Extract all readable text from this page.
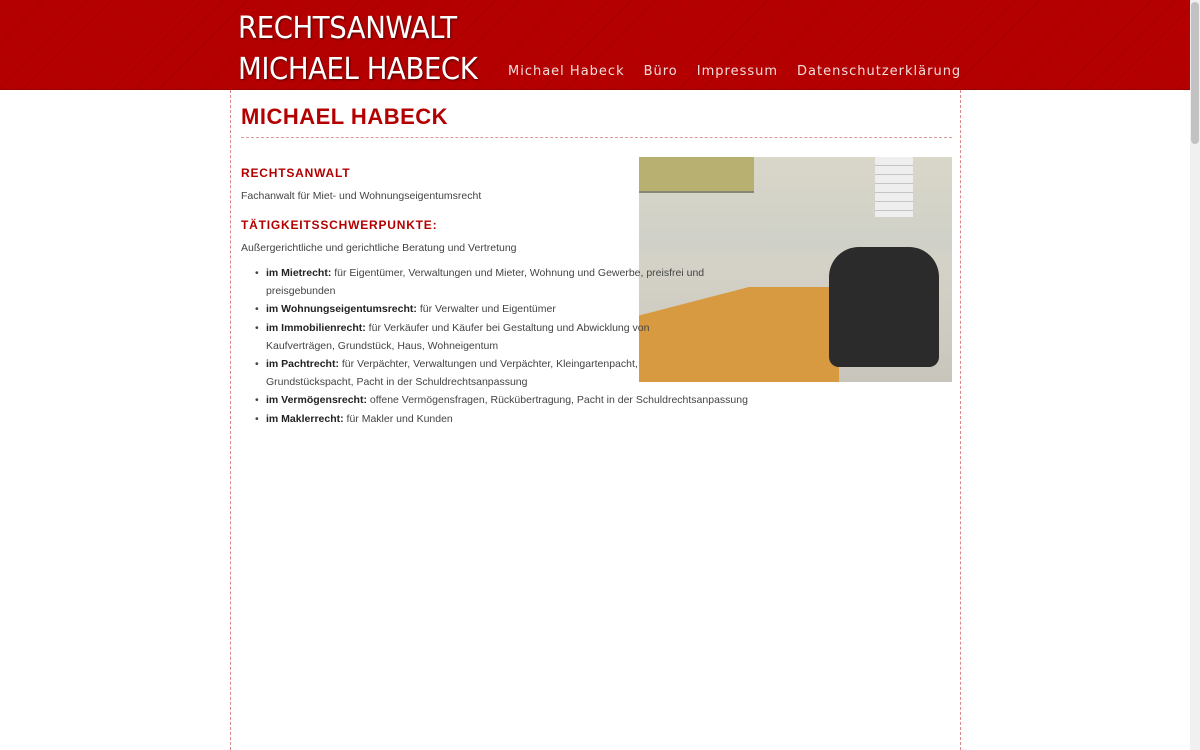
RECHTSANWALT
MICHAEL HABECK Michael Habeck Büro Impressum Datenschutzerklärung
MICHAEL HABECK
RECHTSANWALT
Fachanwalt für Miet- und Wohnungseigentumsrecht
TÄTIGKEITSSCHWERPUNKTE:
Außergerichtliche und gerichtliche Beratung und Vertretung
• im Mietrecht: für Eigentümer, Verwaltungen und Mieter, Wohnung und Gewerbe, preisfrei und preisgebunden
• im Wohnungseigentumsrecht: für Verwalter und Eigentümer
• im Immobilienrecht: für Verkäufer und Käufer bei Gestaltung und Abwicklung von Kaufverträgen, Grundstück, Haus, Wohneigentum
• im Pachtrecht: für Verpächter, Verwaltungen und Verpächter, Kleingartenpacht, Grundstückspacht, Pacht in der Schuldrechtsanpassung
• im Vermögensrecht: offene Vermögensfragen, Rückübertragung, Pacht in der Schuldrechtsanpassung
• im Maklerrecht: für Makler und Kunden
